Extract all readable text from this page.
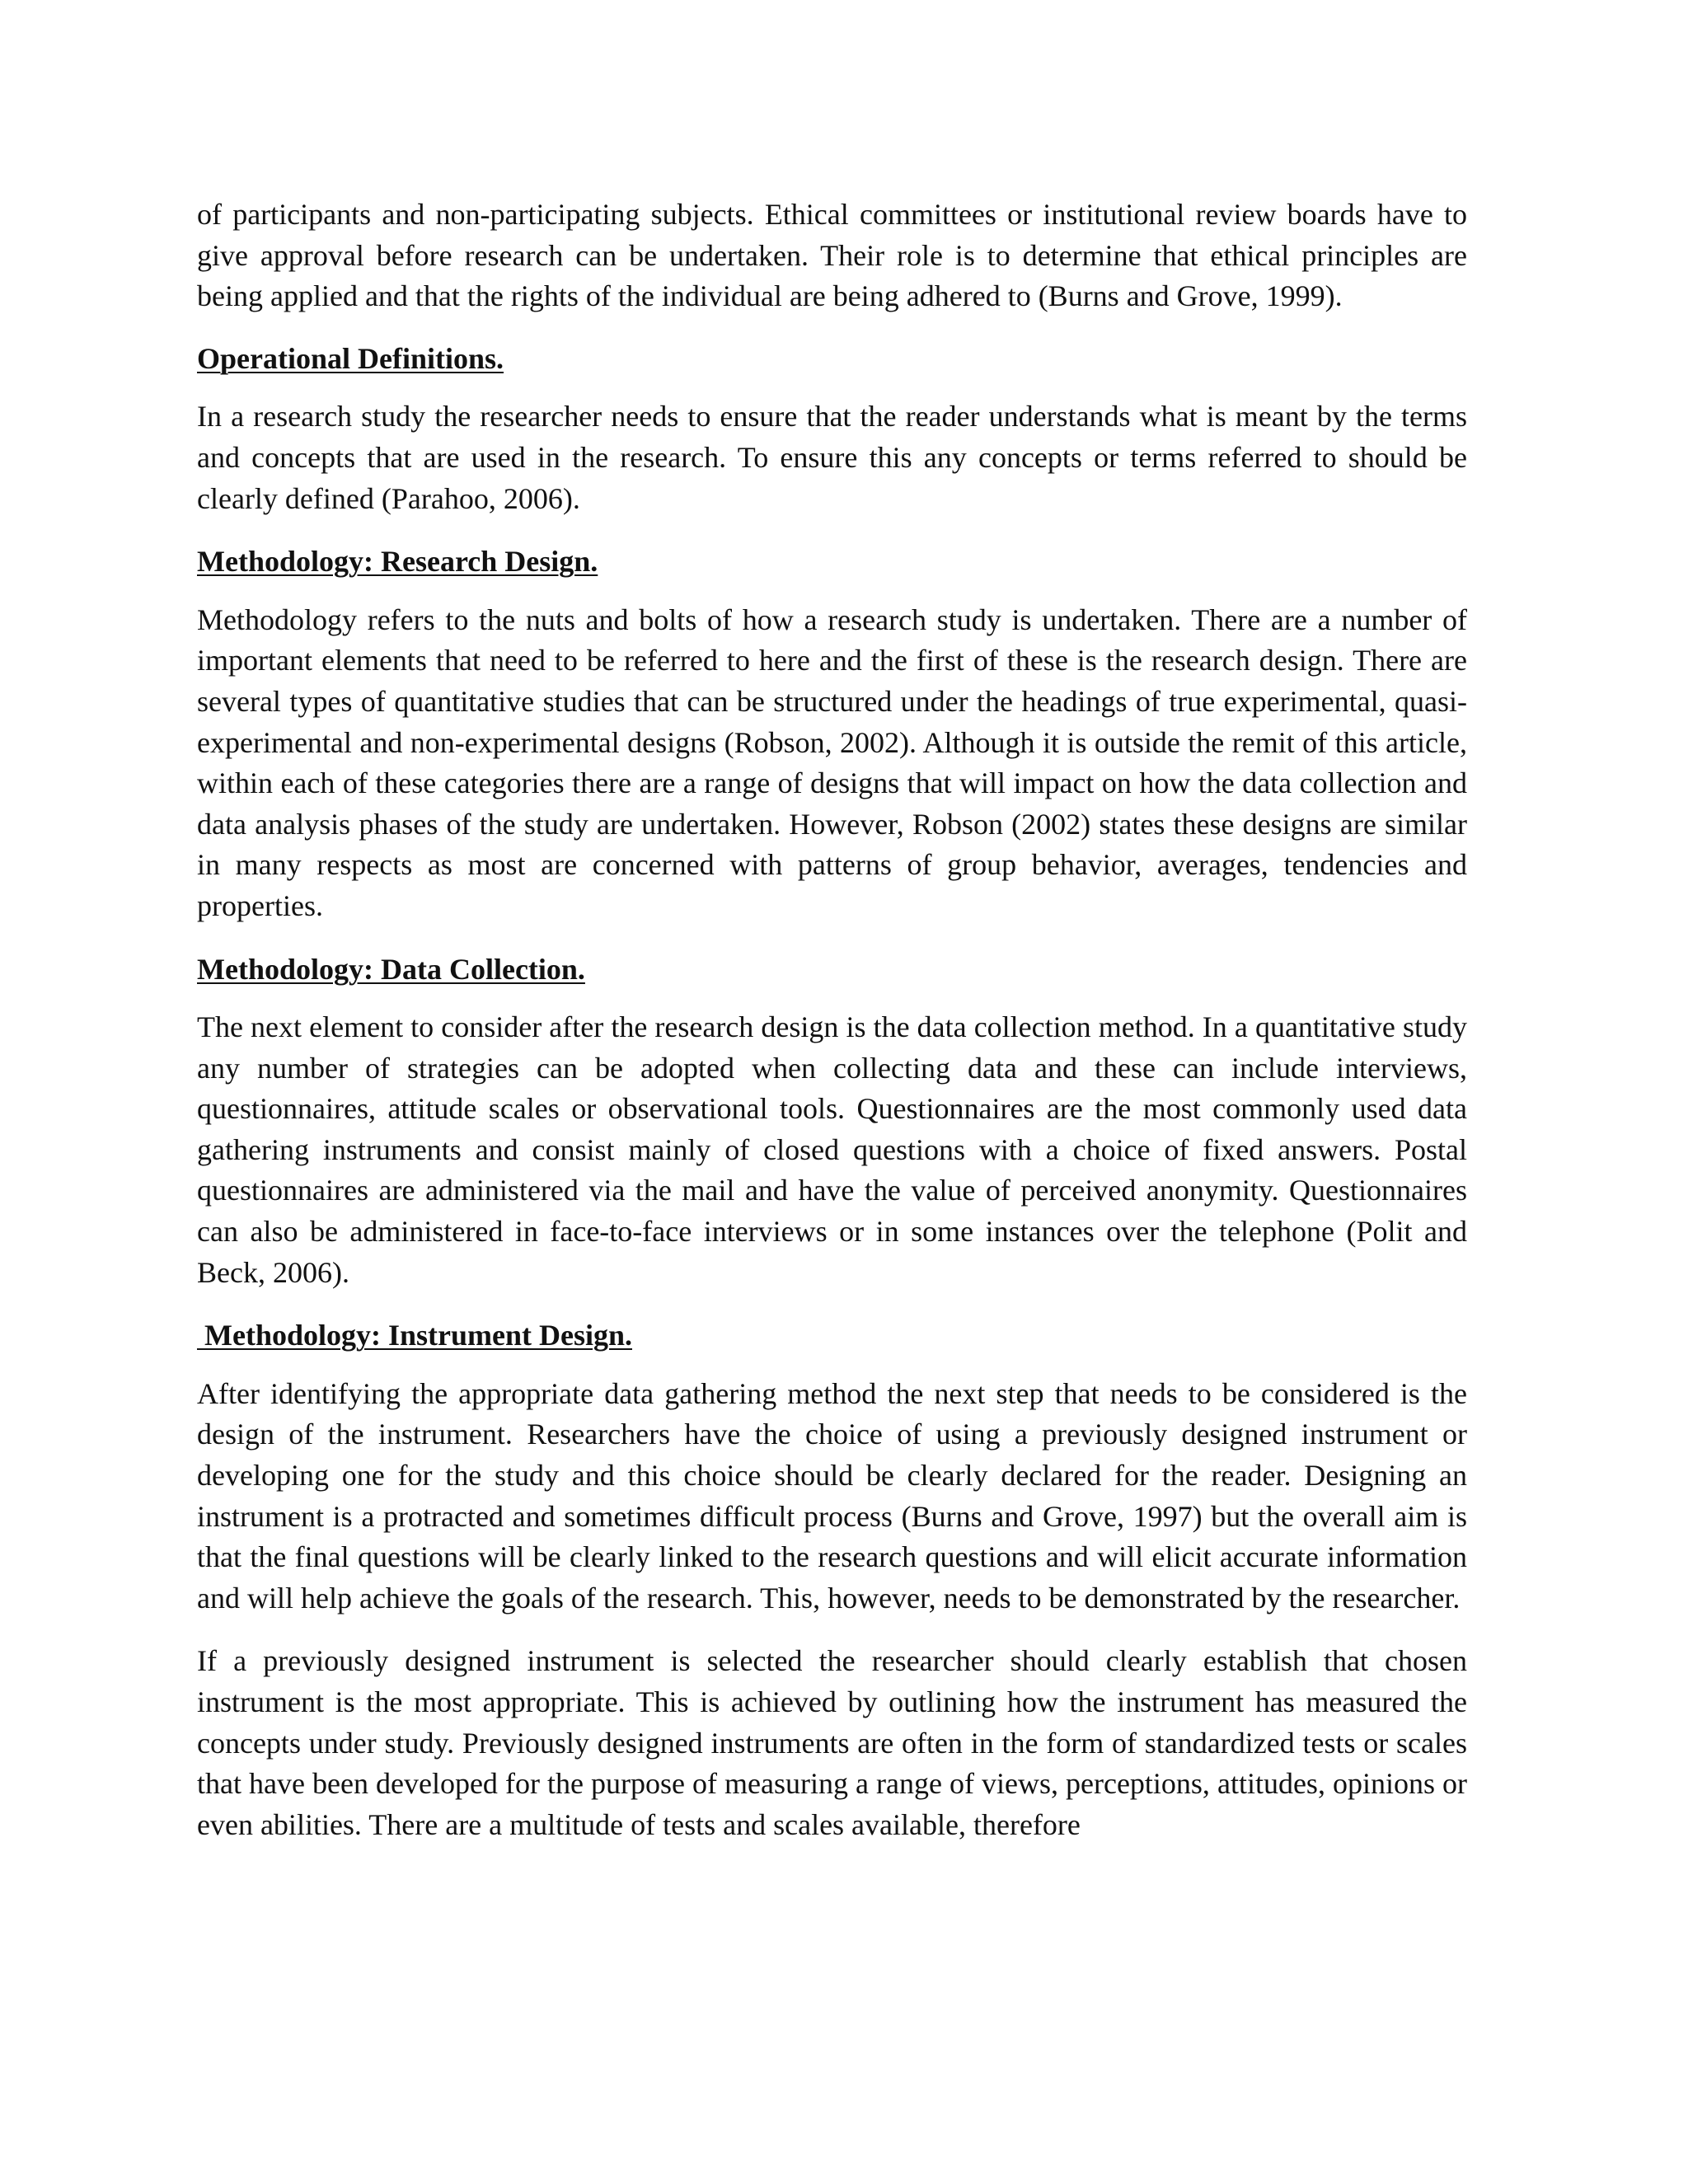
of participants and non-participating subjects. Ethical committees or institutional review boards have to give approval before research can be undertaken. Their role is to determine that ethical principles are being applied and that the rights of the individual are being adhered to (Burns and Grove, 1999).

Operational Definitions.

In a research study the researcher needs to ensure that the reader understands what is meant by the terms and concepts that are used in the research. To ensure this any concepts or terms referred to should be clearly defined (Parahoo, 2006).

Methodology: Research Design.

Methodology refers to the nuts and bolts of how a research study is undertaken. There are a number of important elements that need to be referred to here and the first of these is the research design. There are several types of quantitative studies that can be structured under the headings of true experimental, quasi-experimental and non-experimental designs (Robson, 2002). Although it is outside the remit of this article, within each of these categories there are a range of designs that will impact on how the data collection and data analysis phases of the study are undertaken. However, Robson (2002) states these designs are similar in many respects as most are concerned with patterns of group behavior, averages, tendencies and properties.

Methodology: Data Collection.

The next element to consider after the research design is the data collection method. In a quantitative study any number of strategies can be adopted when collecting data and these can include interviews, questionnaires, attitude scales or observational tools. Questionnaires are the most commonly used data gathering instruments and consist mainly of closed questions with a choice of fixed answers. Postal questionnaires are administered via the mail and have the value of perceived anonymity. Questionnaires can also be administered in face-to-face interviews or in some instances over the telephone (Polit and Beck, 2006).

Methodology: Instrument Design.

After identifying the appropriate data gathering method the next step that needs to be considered is the design of the instrument. Researchers have the choice of using a previously designed instrument or developing one for the study and this choice should be clearly declared for the reader. Designing an instrument is a protracted and sometimes difficult process (Burns and Grove, 1997) but the overall aim is that the final questions will be clearly linked to the research questions and will elicit accurate information and will help achieve the goals of the research. This, however, needs to be demonstrated by the researcher.

If a previously designed instrument is selected the researcher should clearly establish that chosen instrument is the most appropriate. This is achieved by outlining how the instrument has measured the concepts under study. Previously designed instruments are often in the form of standardized tests or scales that have been developed for the purpose of measuring a range of views, perceptions, attitudes, opinions or even abilities. There are a multitude of tests and scales available, therefore
